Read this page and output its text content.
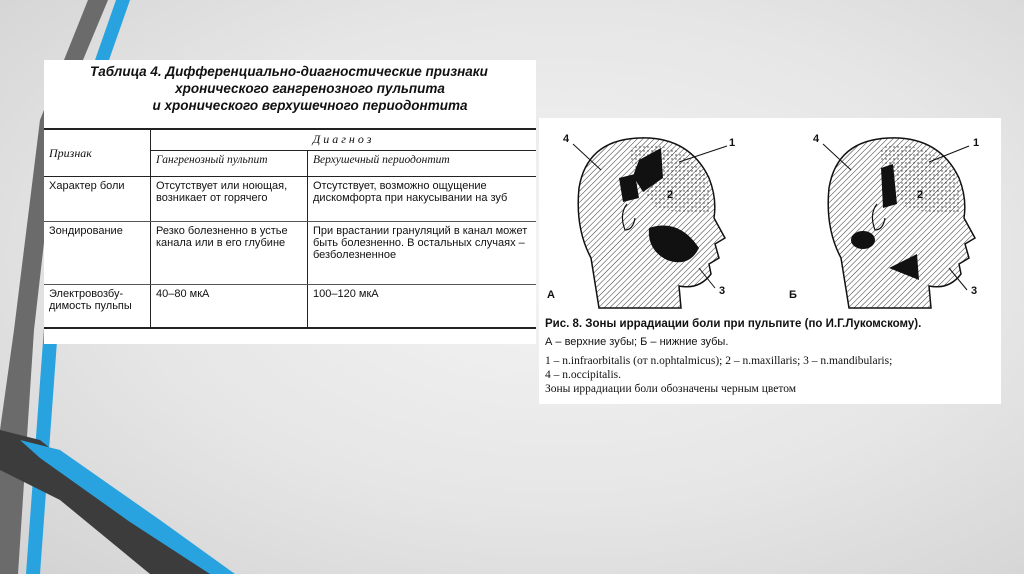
Таблица 4. Дифференциально-диагностические признаки
хронического гангренозного пульпита
и хронического верхушечного периодонтита
Признак	Диагноз	
	Гангренозный пульпит	Верхушечный периодонтит
Характер боли	Отсутствует или ноющая, возникает от горячего	Отсутствует, возможно ощущение дискомфорта при накусывании на зуб
Зондирование	Резко болезненно в устье канала или в его глубине	При врастании грануляций в канал может быть болезненно. В остальных случаях – безболезненное
Электровозбу-димость пульпы	40–80 мкА	100–120 мкА
4	1
2
3
А
4	1
2
3
Б
Рис. 8. Зоны иррадиации боли при пульпите (по И.Г.Лукомскому).
А – верхние зубы; Б – нижние зубы.
1 – n.infraorbitalis (от n.ophtalmicus); 2 – n.maxillaris; 3 – n.mandibularis;
4 – n.occipitalis.
Зоны иррадиации боли обозначены черным цветом
